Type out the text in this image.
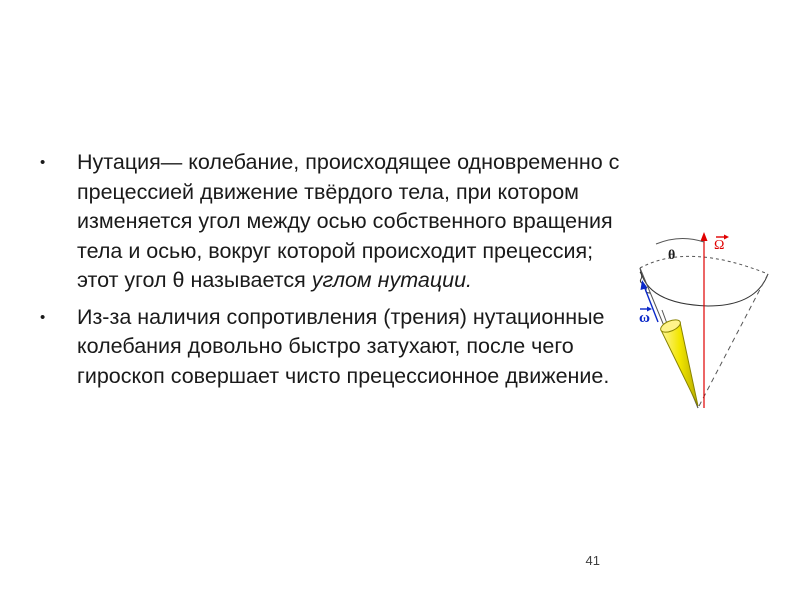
• Нутация— колебание, происходящее одновременно с прецессией движение твёрдого тела, при котором изменяется угол между осью собственного вращения тела и осью, вокруг которой происходит прецессия; этот угол θ называется углом нутации.
• Из-за наличия сопротивления (трения) нутационные колебания довольно быстро затухают, после чего гироскоп совершает чисто прецессионное движение.
θ
Ω
ω
41
